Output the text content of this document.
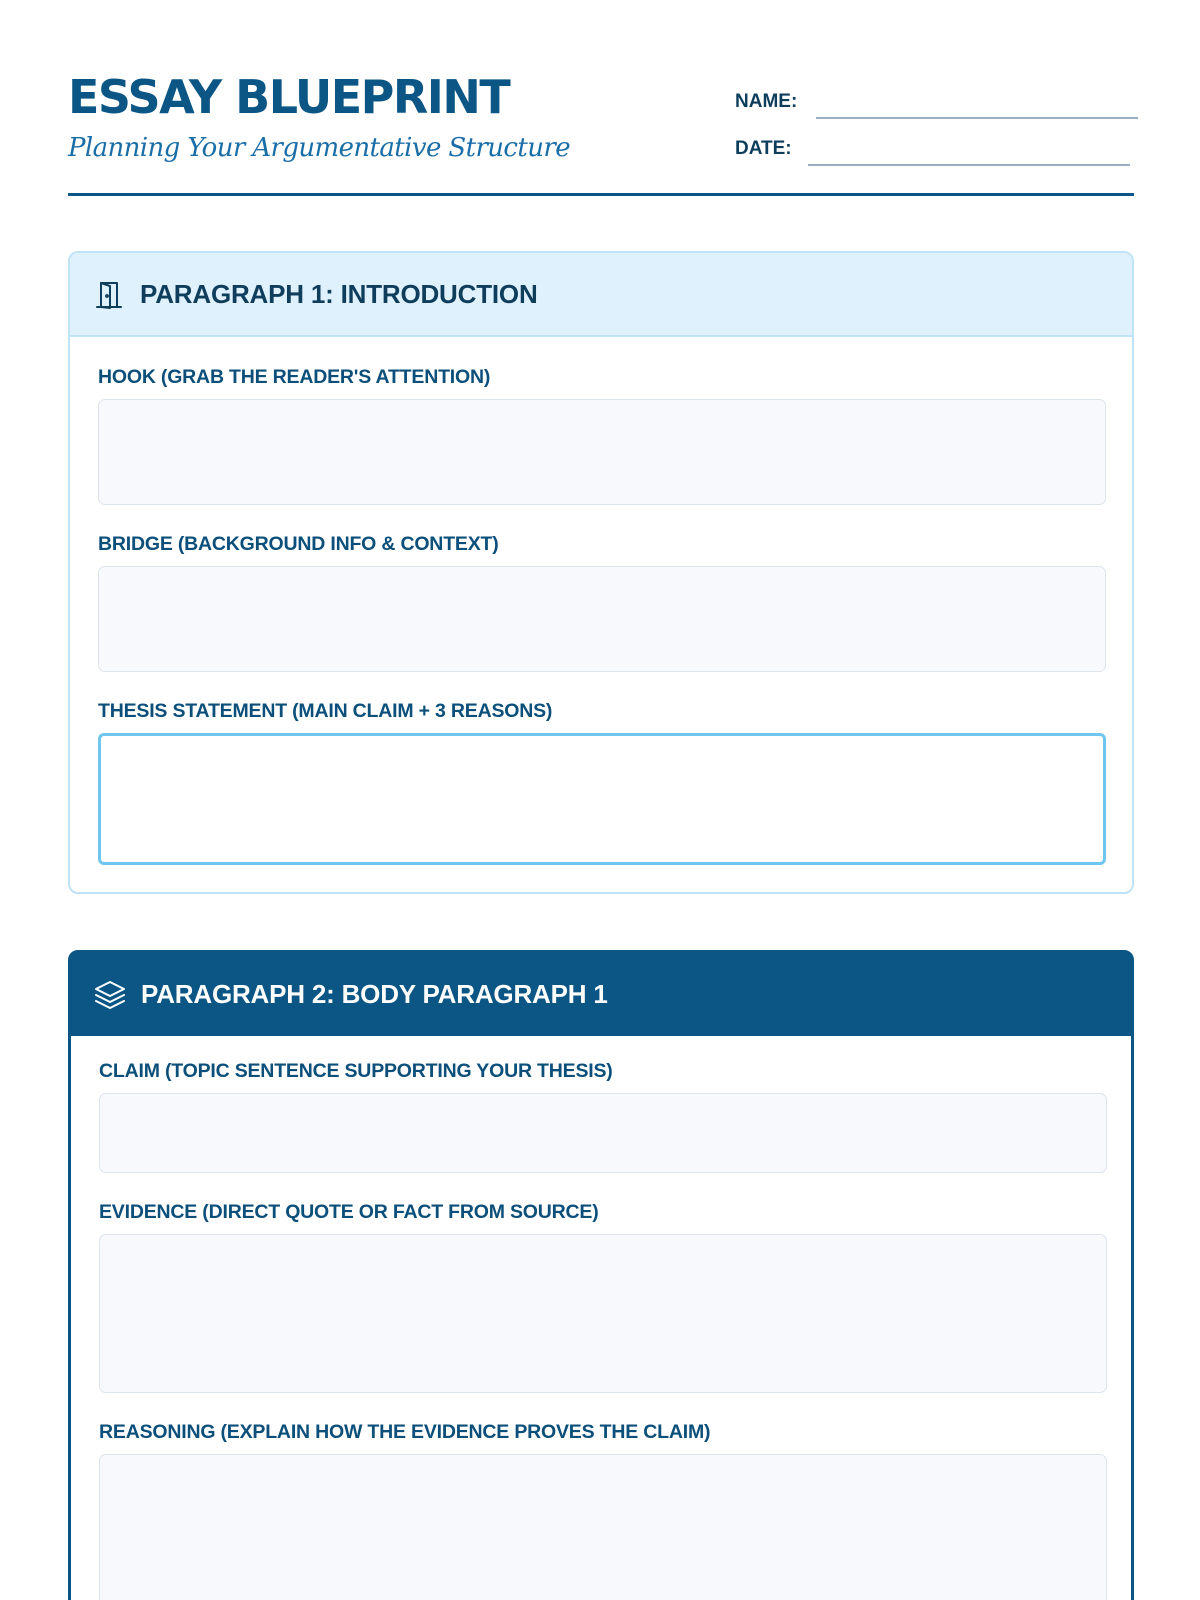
ESSAY BLUEPRINT
Planning Your Argumentative Structure
NAME:
DATE:
PARAGRAPH 1: INTRODUCTION
HOOK (GRAB THE READER'S ATTENTION)
BRIDGE (BACKGROUND INFO & CONTEXT)
THESIS STATEMENT (MAIN CLAIM + 3 REASONS)
PARAGRAPH 2: BODY PARAGRAPH 1
CLAIM (TOPIC SENTENCE SUPPORTING YOUR THESIS)
EVIDENCE (DIRECT QUOTE OR FACT FROM SOURCE)
REASONING (EXPLAIN HOW THE EVIDENCE PROVES THE CLAIM)
